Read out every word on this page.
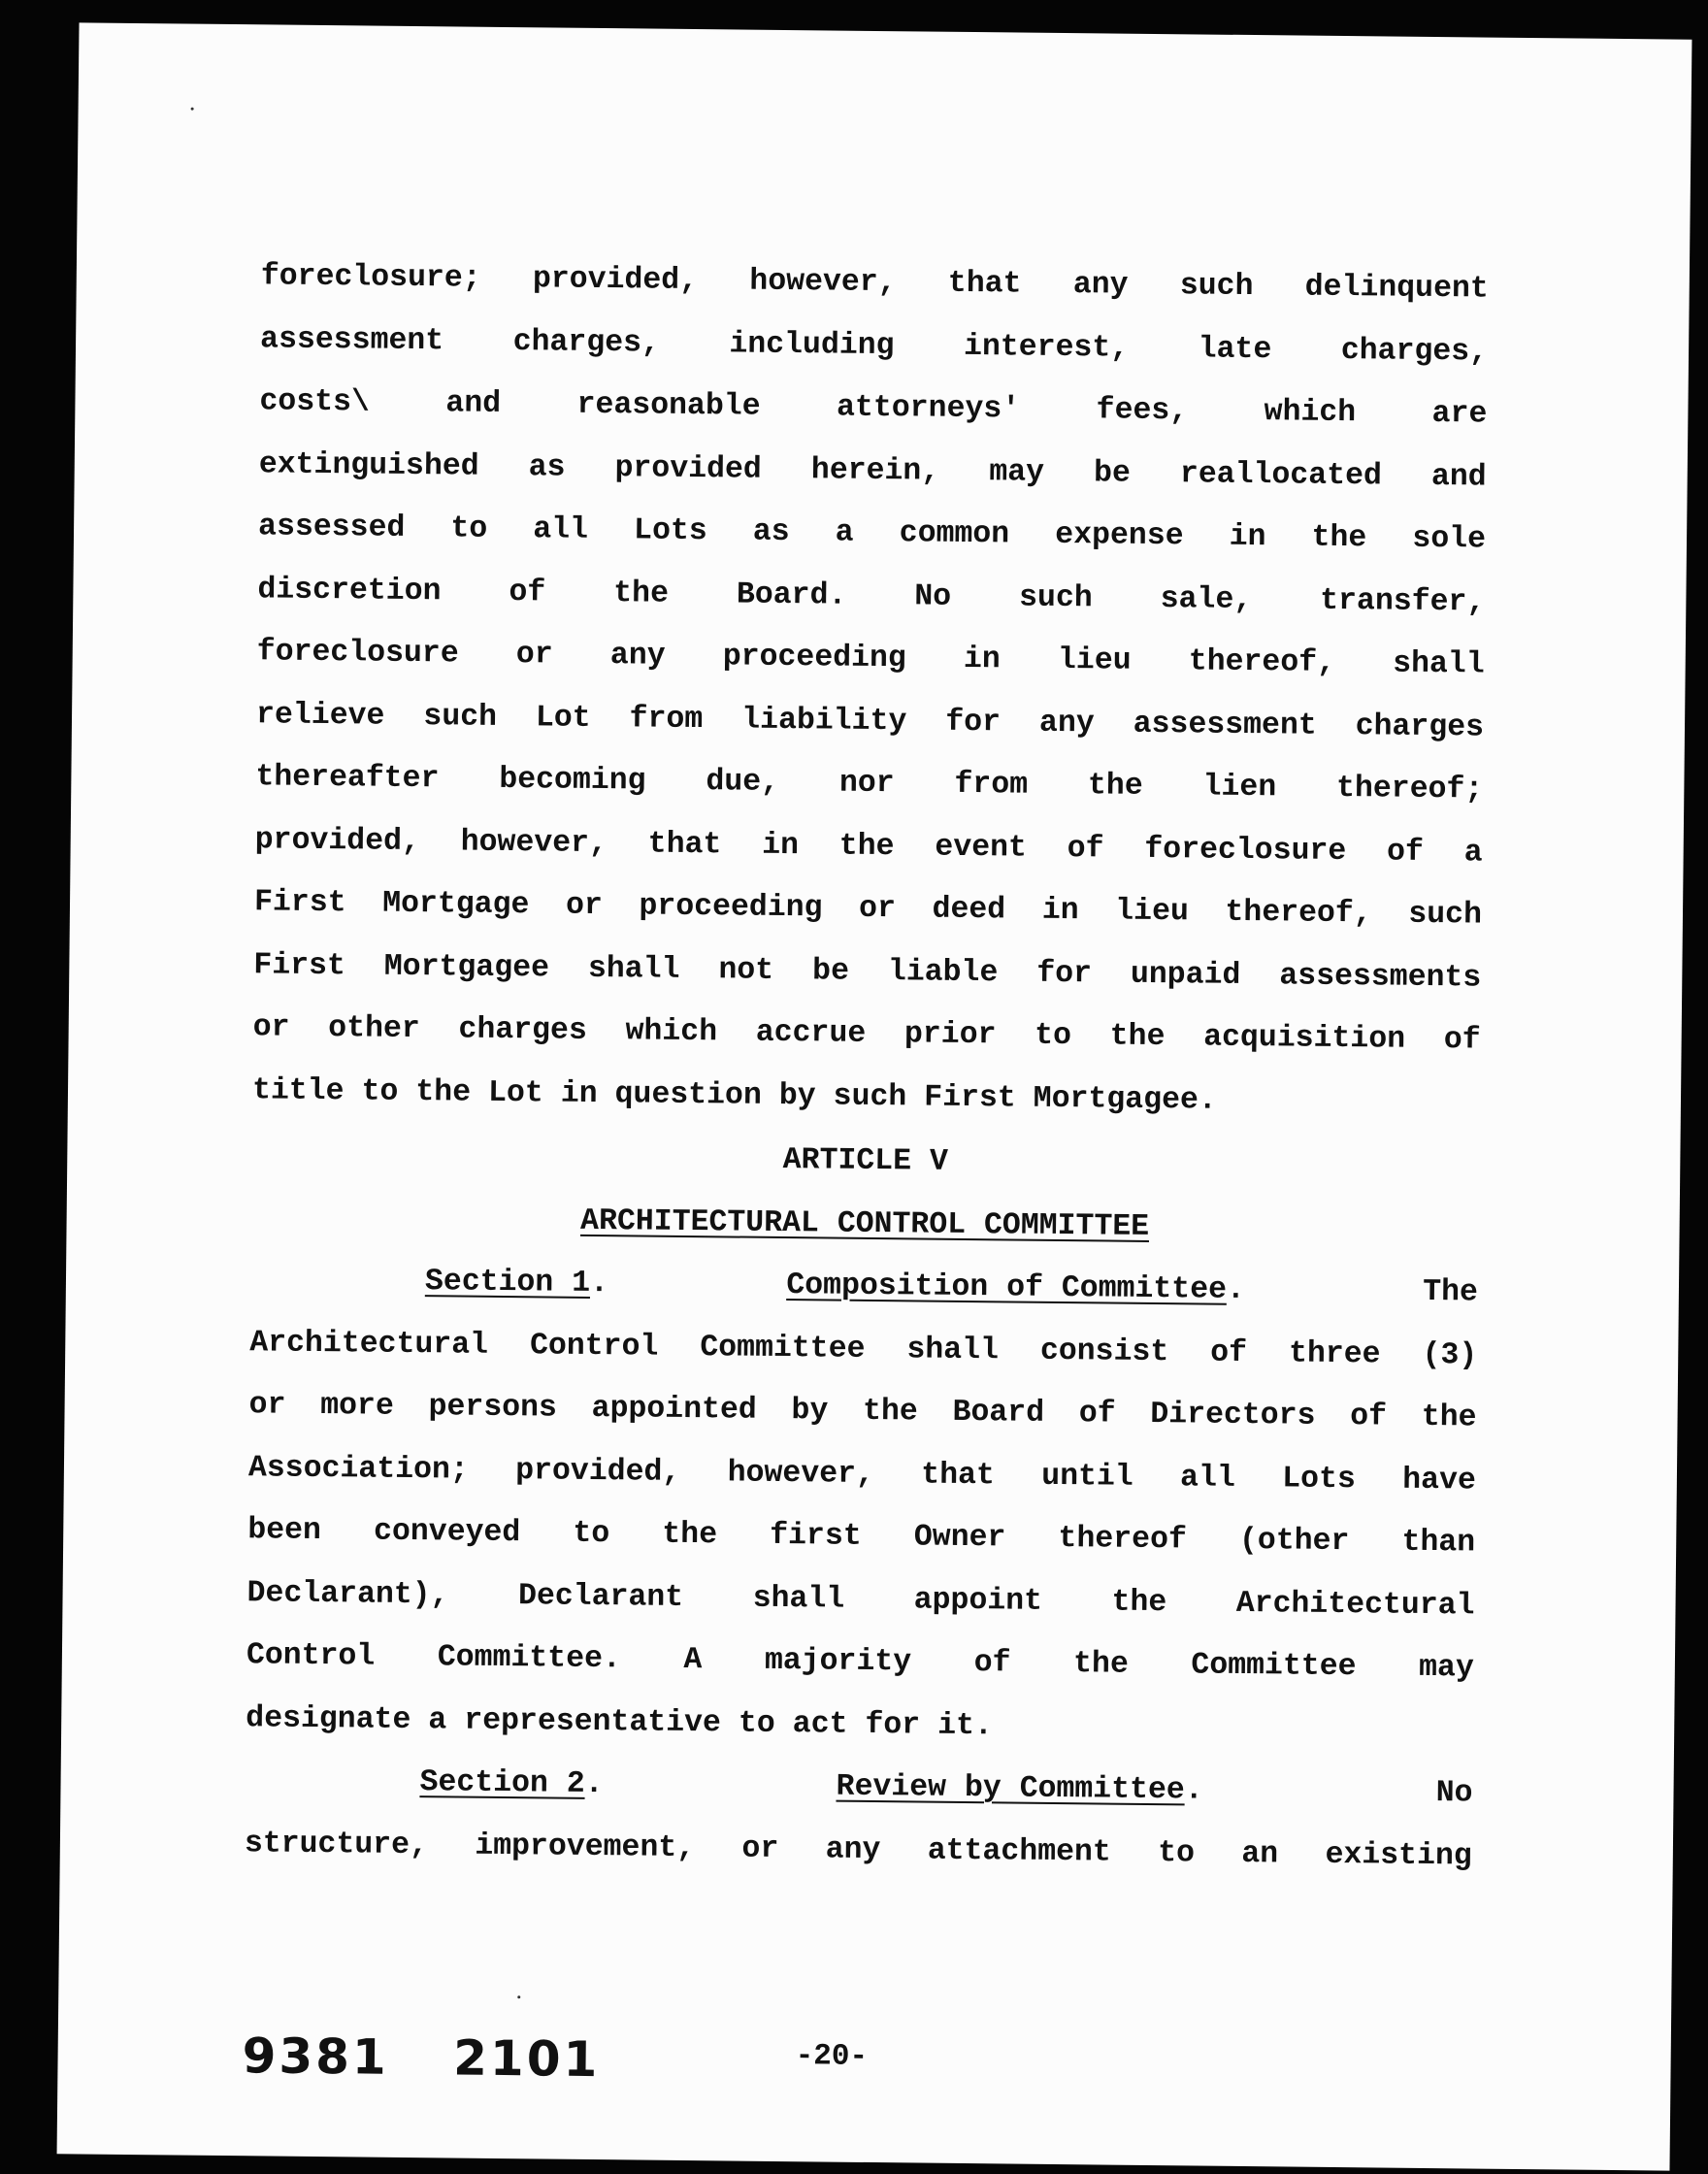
foreclosure; provided, however, that any such delinquent
assessment charges, including interest, late charges,
costs\ and reasonable attorneys' fees, which are
extinguished as provided herein, may be reallocated and
assessed to all Lots as a common expense in the sole
discretion of the Board. No such sale, transfer,
foreclosure or any proceeding in lieu thereof, shall
relieve such Lot from liability for any assessment charges
thereafter becoming due, nor from the lien thereof;
provided, however, that in the event of foreclosure of a
First Mortgage or proceeding or deed in lieu thereof, such
First Mortgagee shall not be liable for unpaid assessments
or other charges which accrue prior to the acquisition of
title to the Lot in question by such First Mortgagee.
ARTICLE V
ARCHITECTURAL CONTROL COMMITTEE
Section 1.	Composition of Committee.	The
Architectural Control Committee shall consist of three (3)
or more persons appointed by the Board of Directors of the
Association; provided, however, that until all Lots have
been conveyed to the first Owner thereof (other than
Declarant), Declarant shall appoint the Architectural
Control Committee. A majority of the Committee may
designate a representative to act for it.
Section 2.	Review by Committee.	No
structure, improvement, or any attachment to an existing
9381 2101	-20-
